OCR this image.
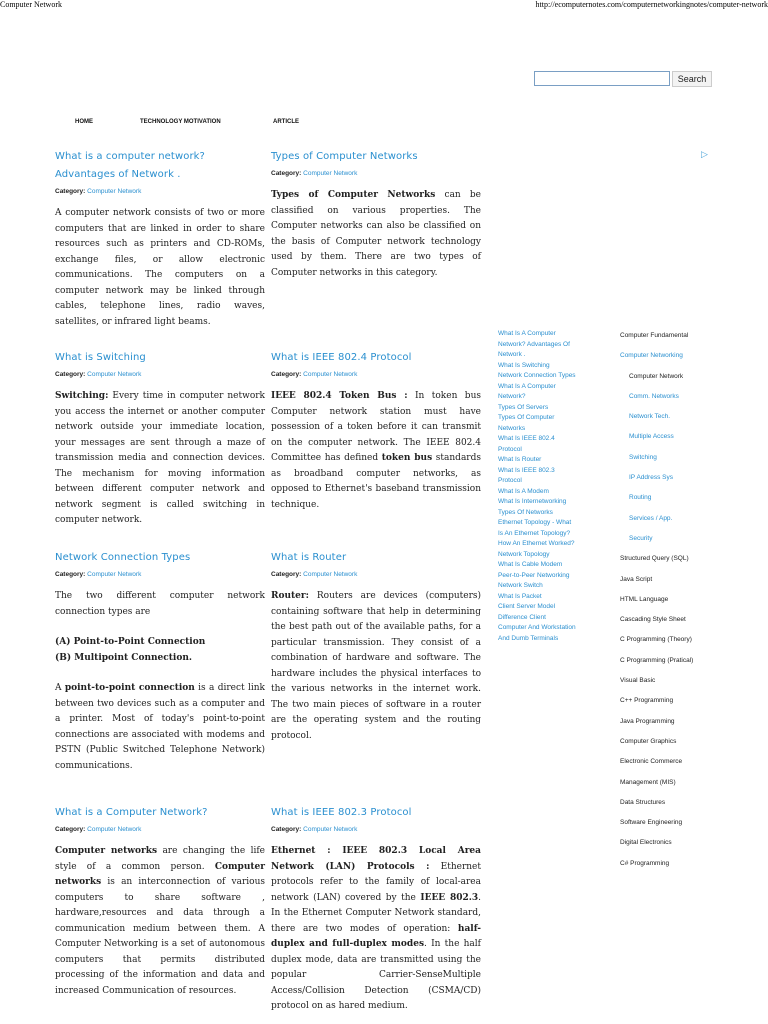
Computer Network	http://ecomputernotes.com/computernetworkingnotes/computer-network
Search
HOME	TECHNOLOGY MOTIVATION	ARTICLE
▷
What is a computer network?
Advantages of Network .
Category: Computer Network

A computer network consists of two or more computers that are linked in order to share resources such as printers and CD-ROMs, exchange files, or allow electronic communications. The computers on a computer network may be linked through cables, telephone lines, radio waves, satellites, or infrared light beams.

Types of Computer Networks
Category: Computer Network

Types of Computer Networks can be classified on various properties. The Computer networks can also be classified on the basis of Computer network technology used by them. There are two types of Computer networks in this category.

What is Switching
Category: Computer Network

Switching: Every time in computer network you access the internet or another computer network outside your immediate location, your messages are sent through a maze of transmission media and connection devices. The mechanism for moving information between different computer network and network segment is called switching in computer network.

What is IEEE 802.4 Protocol
Category: Computer Network

IEEE 802.4 Token Bus : In token bus Computer network station must have possession of a token before it can transmit on the computer network. The IEEE 802.4 Committee has defined token bus standards as broadband computer networks, as opposed to Ethernet's baseband transmission technique.

Network Connection Types
Category: Computer Network

The two different computer network connection types are

(A) Point-to-Point Connection
(B) Multipoint Connection.

A point-to-point connection is a direct link between two devices such as a computer and a printer. Most of today's point-to-point connections are associated with modems and PSTN (Public Switched Telephone Network) communications.

What is Router
Category: Computer Network

Router: Routers are devices (computers) containing software that help in determining the best path out of the available paths, for a particular transmission. They consist of a combination of hardware and software. The hardware includes the physical interfaces to the various networks in the internet work. The two main pieces of software in a router are the operating system and the routing protocol.

What is a Computer Network?
Category: Computer Network

Computer networks are changing the life style of a common person. Computer networks is an interconnection of various computers to share software , hardware,resources and data through a communication medium between them. A Computer Networking is a set of autonomous computers that permits distributed processing of the information and data and increased Communication of resources.

What is IEEE 802.3 Protocol
Category: Computer Network

Ethernet : IEEE 802.3 Local Area Network (LAN) Protocols : Ethernet protocols refer to the family of local-area network (LAN) covered by the IEEE 802.3. In the Ethernet Computer Network standard, there are two modes of operation: half-duplex and full-duplex modes. In the half duplex mode, data are transmitted using the popular Carrier-SenseMultiple Access/Collision Detection (CSMA/CD) protocol on as hared medium.

What Is A Computer
Network? Advantages Of
Network .
What Is Switching
Network Connection Types
What Is A Computer
Network?
Types Of Servers
Types Of Computer
Networks
What Is IEEE 802.4
Protocol
What Is Router
What Is IEEE 802.3
Protocol
What Is A Modem
What Is Internetworking
Types Of Networks
Ethernet Topology - What
Is An Ethernet Topology?
How An Ethernet Worked?
Network Topology
What Is Cable Modem
Peer-to-Peer Networking
Network Switch
What Is Packet
Client Server Model
Difference Client
Computer And Workstation
And Dumb Terminals
Computer Fundamental
Computer Networking
Computer Network
Comm. Networks
Network Tech.
Multiple Access
Switching
IP Address Sys
Routing
Services / App.
Security
Structured Query (SQL)
Java Script
HTML Language
Cascading Style Sheet
C Programming (Theory)
C Programming (Pratical)
Visual Basic
C++ Programming
Java Programming
Computer Graphics
Electronic Commerce
Management (MIS)
Data Structures
Software Engineering
Digital Electronics
C# Programming
